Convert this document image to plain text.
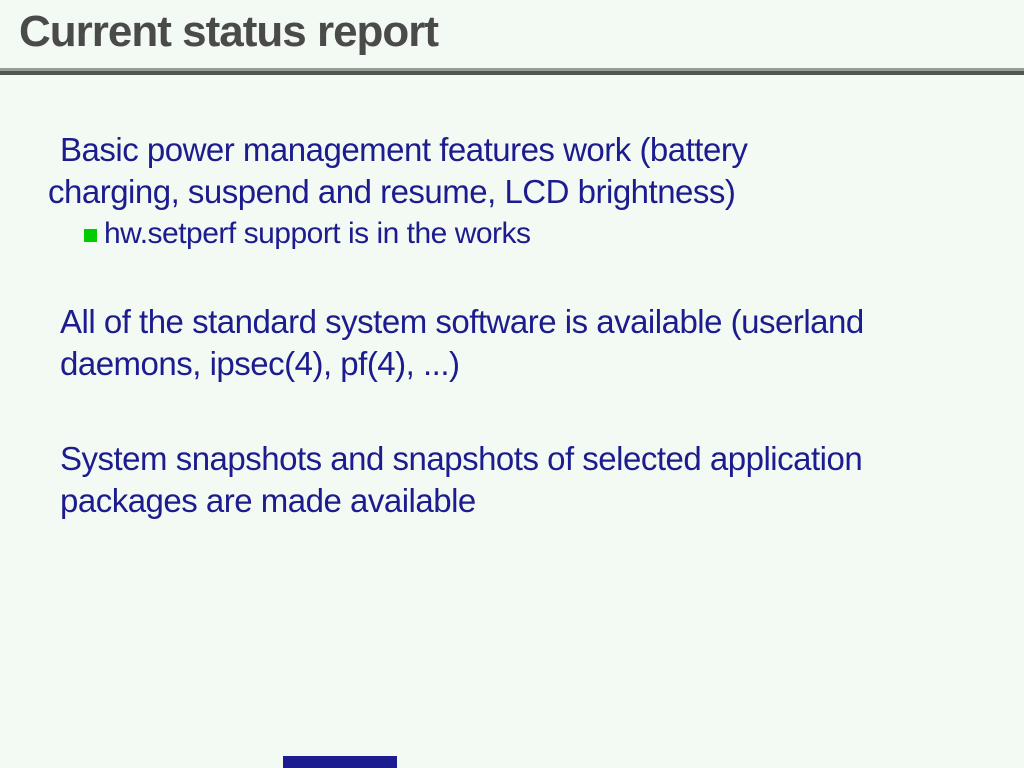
Current status report
Basic power management features work (battery
charging, suspend and resume, LCD brightness)
hw.setperf support is in the works
All of the standard system software is available (userland
daemons, ipsec(4), pf(4), ...)
System snapshots and snapshots of selected application
packages are made available
